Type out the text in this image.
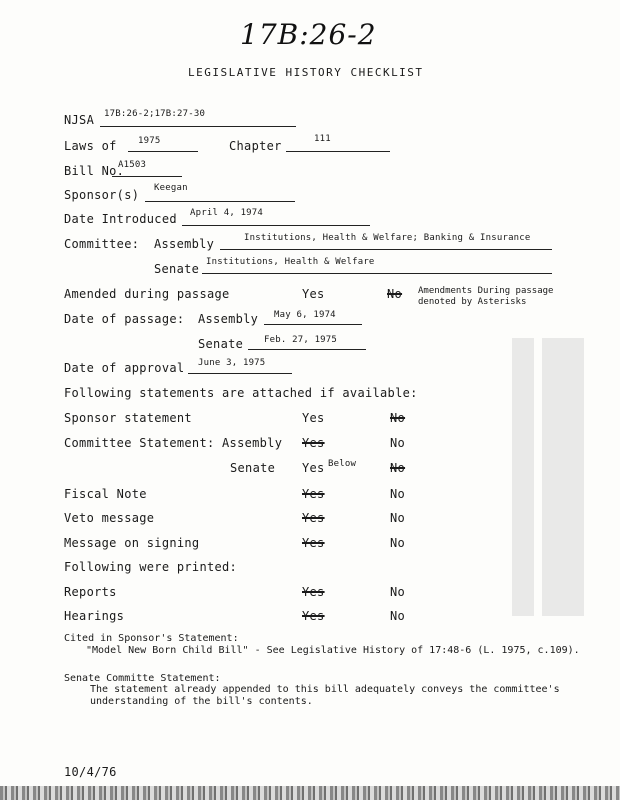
17B:26-2
LEGISLATIVE HISTORY CHECKLIST
NJSA 17B:26-2;17B:27-30
Laws of 1975	Chapter	111
Bill No.
A1503
Sponsor(s) Keegan
Date Introduced April 4, 1974
Committee: Assembly	Institutions, Health & Welfare; Banking & Insurance
Senate Institutions, Health & Welfare
Amended during passage	Yes	No Amendments During passage denoted by Asterisks
Date of passage: Assembly May 6, 1974
Senate Feb. 27, 1975
Date of approval June 3, 1975
Following statements are attached if available:
Sponsor statement	Yes	No
Committee Statement: Assembly Yes	No
Senate Yes Below	No
Fiscal Note	Yes	No
Veto message	Yes	No
Message on signing	Yes	No
Following were printed:
Reports	Yes	No
Hearings	Yes	No
Cited in Sponsor's Statement:
"Model New Born Child Bill" - See Legislative History of 17:48-6 (L. 1975, c.109).
Senate Committe Statement:
The statement already appended to this bill adequately conveys the committee's
understanding of the bill's contents.
10/4/76
